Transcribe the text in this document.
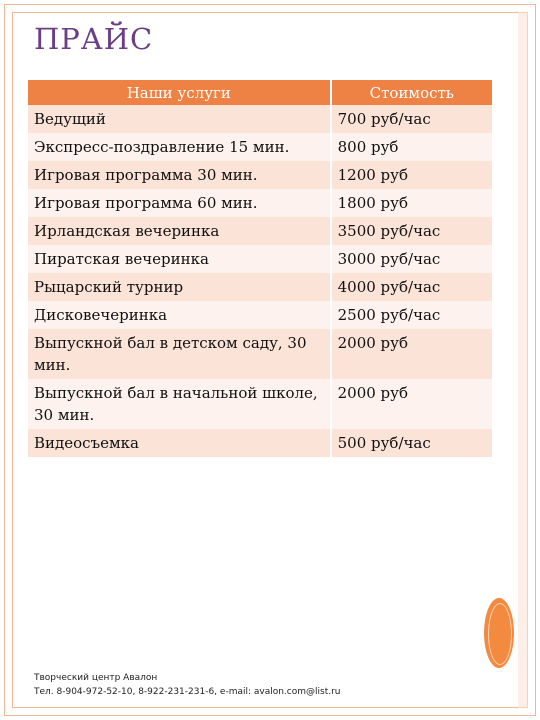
ПРАЙС
Наши услуги	Стоимость
Ведущий	700 руб/час
Экспресс-поздравление 15 мин.	800 руб
Игровая программа 30 мин.	1200 руб
Игровая программа 60 мин.	1800 руб
Ирландская вечеринка	3500 руб/час
Пиратская вечеринка	3000 руб/час
Рыцарский турнир	4000 руб/час
Дисковечеринка	2500 руб/час
Выпускной бал в детском саду, 30 мин.	2000 руб
Выпускной бал в начальной школе, 30 мин.	2000 руб
Видеосъемка	500 руб/час
Творческий центр Авалон
Тел. 8-904-972-52-10, 8-922-231-231-6, e-mail: avalon.com@list.ru
